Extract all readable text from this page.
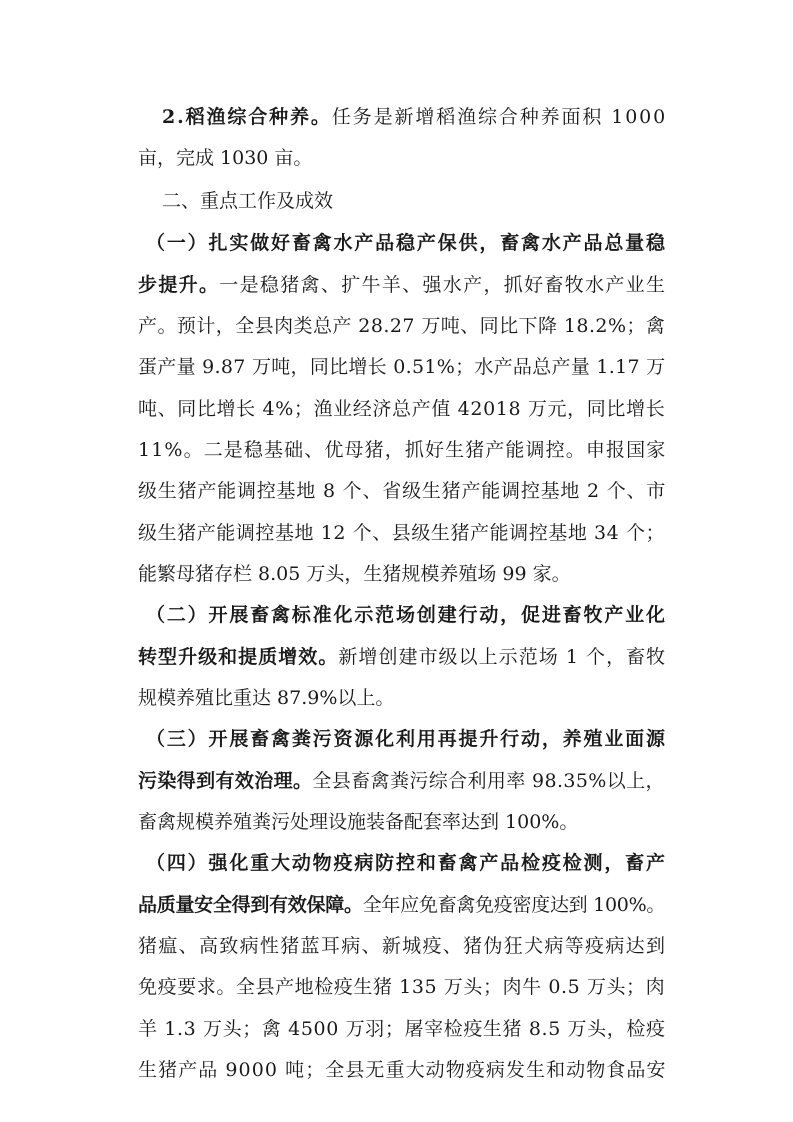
2.稻渔综合种养。任务是新增稻渔综合种养面积 1000
亩，完成 1030 亩。
二、重点工作及成效
（一）扎实做好畜禽水产品稳产保供，畜禽水产品总量稳
步提升。一是稳猪禽、扩牛羊、强水产，抓好畜牧水产业生
产。预计，全县肉类总产 28.27 万吨、同比下降 18.2%；禽
蛋产量 9.87 万吨，同比增长 0.51%；水产品总产量 1.17 万
吨、同比增长 4%；渔业经济总产值 42018 万元，同比增长
11%。二是稳基础、优母猪，抓好生猪产能调控。申报国家
级生猪产能调控基地 8 个、省级生猪产能调控基地 2 个、市
级生猪产能调控基地 12 个、县级生猪产能调控基地 34 个；
能繁母猪存栏 8.05 万头，生猪规模养殖场 99 家。
（二）开展畜禽标准化示范场创建行动，促进畜牧产业化
转型升级和提质增效。新增创建市级以上示范场 1 个，畜牧
规模养殖比重达 87.9%以上。
（三）开展畜禽粪污资源化利用再提升行动，养殖业面源
污染得到有效治理。全县畜禽粪污综合利用率 98.35%以上，
畜禽规模养殖粪污处理设施装备配套率达到 100%。
（四）强化重大动物疫病防控和畜禽产品检疫检测，畜产
品质量安全得到有效保障。全年应免畜禽免疫密度达到 100%。
猪瘟、高致病性猪蓝耳病、新城疫、猪伪狂犬病等疫病达到
免疫要求。全县产地检疫生猪 135 万头；肉牛 0.5 万头；肉
羊 1.3 万头；禽 4500 万羽；屠宰检疫生猪 8.5 万头，检疫
生猪产品 9000 吨；全县无重大动物疫病发生和动物食品安
